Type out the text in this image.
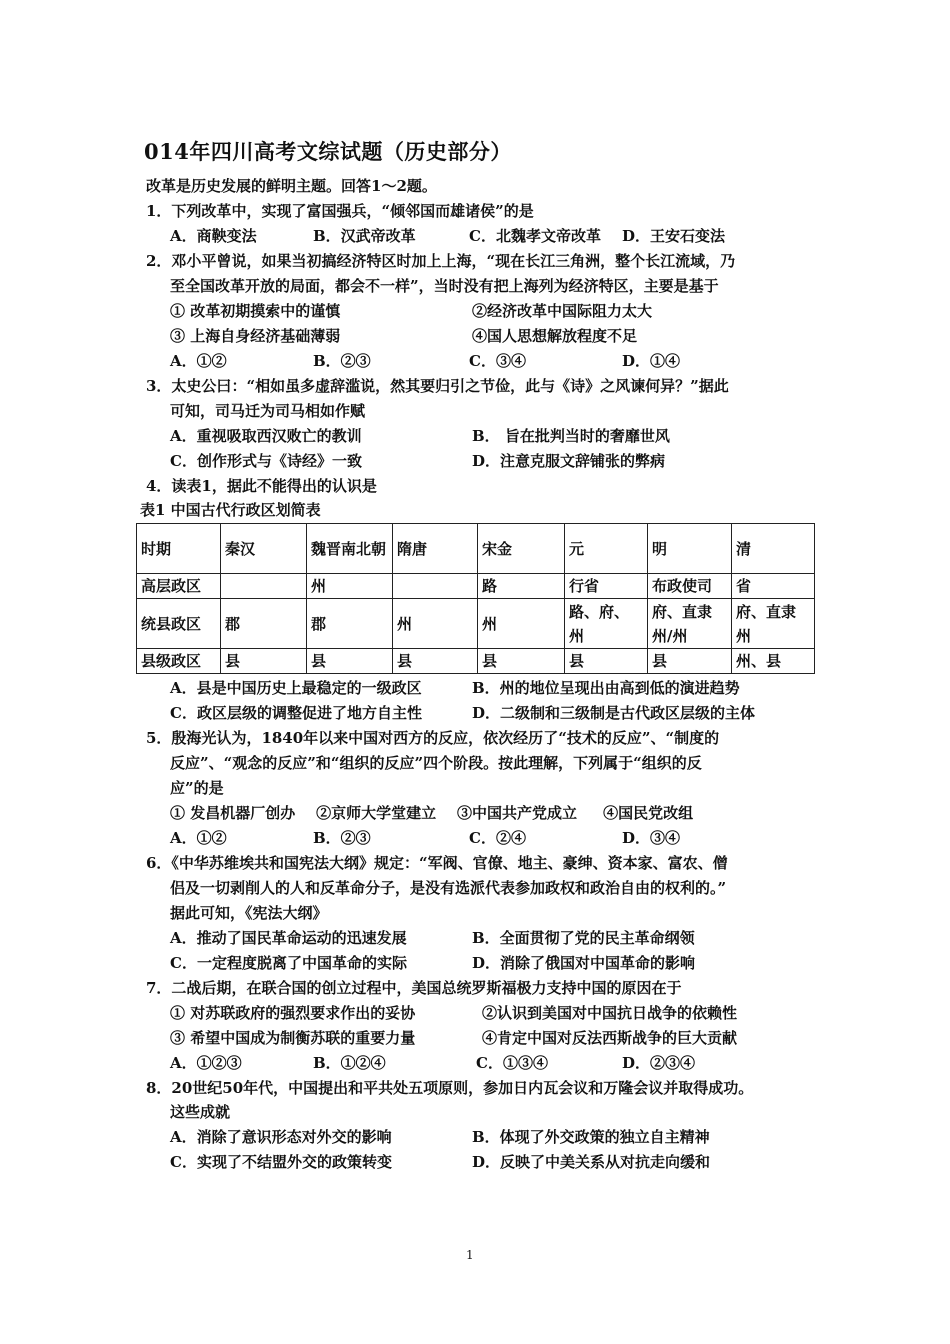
014年四川高考文综试题（历史部分）
改革是历史发展的鲜明主题。回答1～2题。
1．下列改革中，实现了富国强兵，“倾邻国而雄诸侯”的是
A．商鞅变法	B．汉武帝改革	C．北魏孝文帝改革 D．王安石变法
2．邓小平曾说，如果当初搞经济特区时加上上海，“现在长江三角洲，整个长江流域，乃
至全国改革开放的局面，都会不一样”，当时没有把上海列为经济特区，主要是基于
① 改革初期摸索中的谨慎	②经济改革中国际阻力太大
③ 上海自身经济基础薄弱	④国人思想解放程度不足
A．①②	B．②③	C．③④	D．①④
3．太史公曰：“相如虽多虚辞滥说，然其要归引之节俭，此与《诗》之风谏何异？”据此
可知，司马迁为司马相如作赋
A．重视吸取西汉败亡的教训	B． 旨在批判当时的奢靡世风
C．创作形式与《诗经》一致	D．注意克服文辞铺张的弊病
4．读表1，据此不能得出的认识是
表1 中国古代行政区划简表
时期	秦汉	魏晋南北朝	隋唐	宋金	元	明	清
高层政区		州		路	行省	布政使司	省
统县政区	郡	郡	州	州	路、府、州	府、直隶州/州	府、直隶州
县级政区	县	县	县	县	县	县	州、县
A．县是中国历史上最稳定的一级政区	B．州的地位呈现出由高到低的演进趋势
C．政区层级的调整促进了地方自主性	D．二级制和三级制是古代政区层级的主体
5．殷海光认为，1840年以来中国对西方的反应，依次经历了“技术的反应”、“制度的
反应”、“观念的反应”和“组织的反应”四个阶段。按此理解，下列属于“组织的反
应”的是
① 发昌机器厂创办    ②京师大学堂建立    ③中国共产党成立     ④国民党改组
A．①②	B．②③	C．②④	D．③④
6．《中华苏维埃共和国宪法大纲》规定：“军阀、官僚、地主、豪绅、资本家、富农、僧
侣及一切剥削人的人和反革命分子，是没有选派代表参加政权和政治自由的权利的。”
据此可知，《宪法大纲》
A．推动了国民革命运动的迅速发展	B．全面贯彻了党的民主革命纲领
C．一定程度脱离了中国革命的实际	D．消除了俄国对中国革命的影响
7．二战后期，在联合国的创立过程中，美国总统罗斯福极力支持中国的原因在于
① 对苏联政府的强烈要求作出的妥协	②认识到美国对中国抗日战争的依赖性
③ 希望中国成为制衡苏联的重要力量	④肯定中国对反法西斯战争的巨大贡献
A．①②③	B．①②④	C．①③④	D．②③④
8．20世纪50年代，中国提出和平共处五项原则，参加日内瓦会议和万隆会议并取得成功。
这些成就
A．消除了意识形态对外交的影响	B．体现了外交政策的独立自主精神
C．实现了不结盟外交的政策转变	D．反映了中美关系从对抗走向缓和
1
